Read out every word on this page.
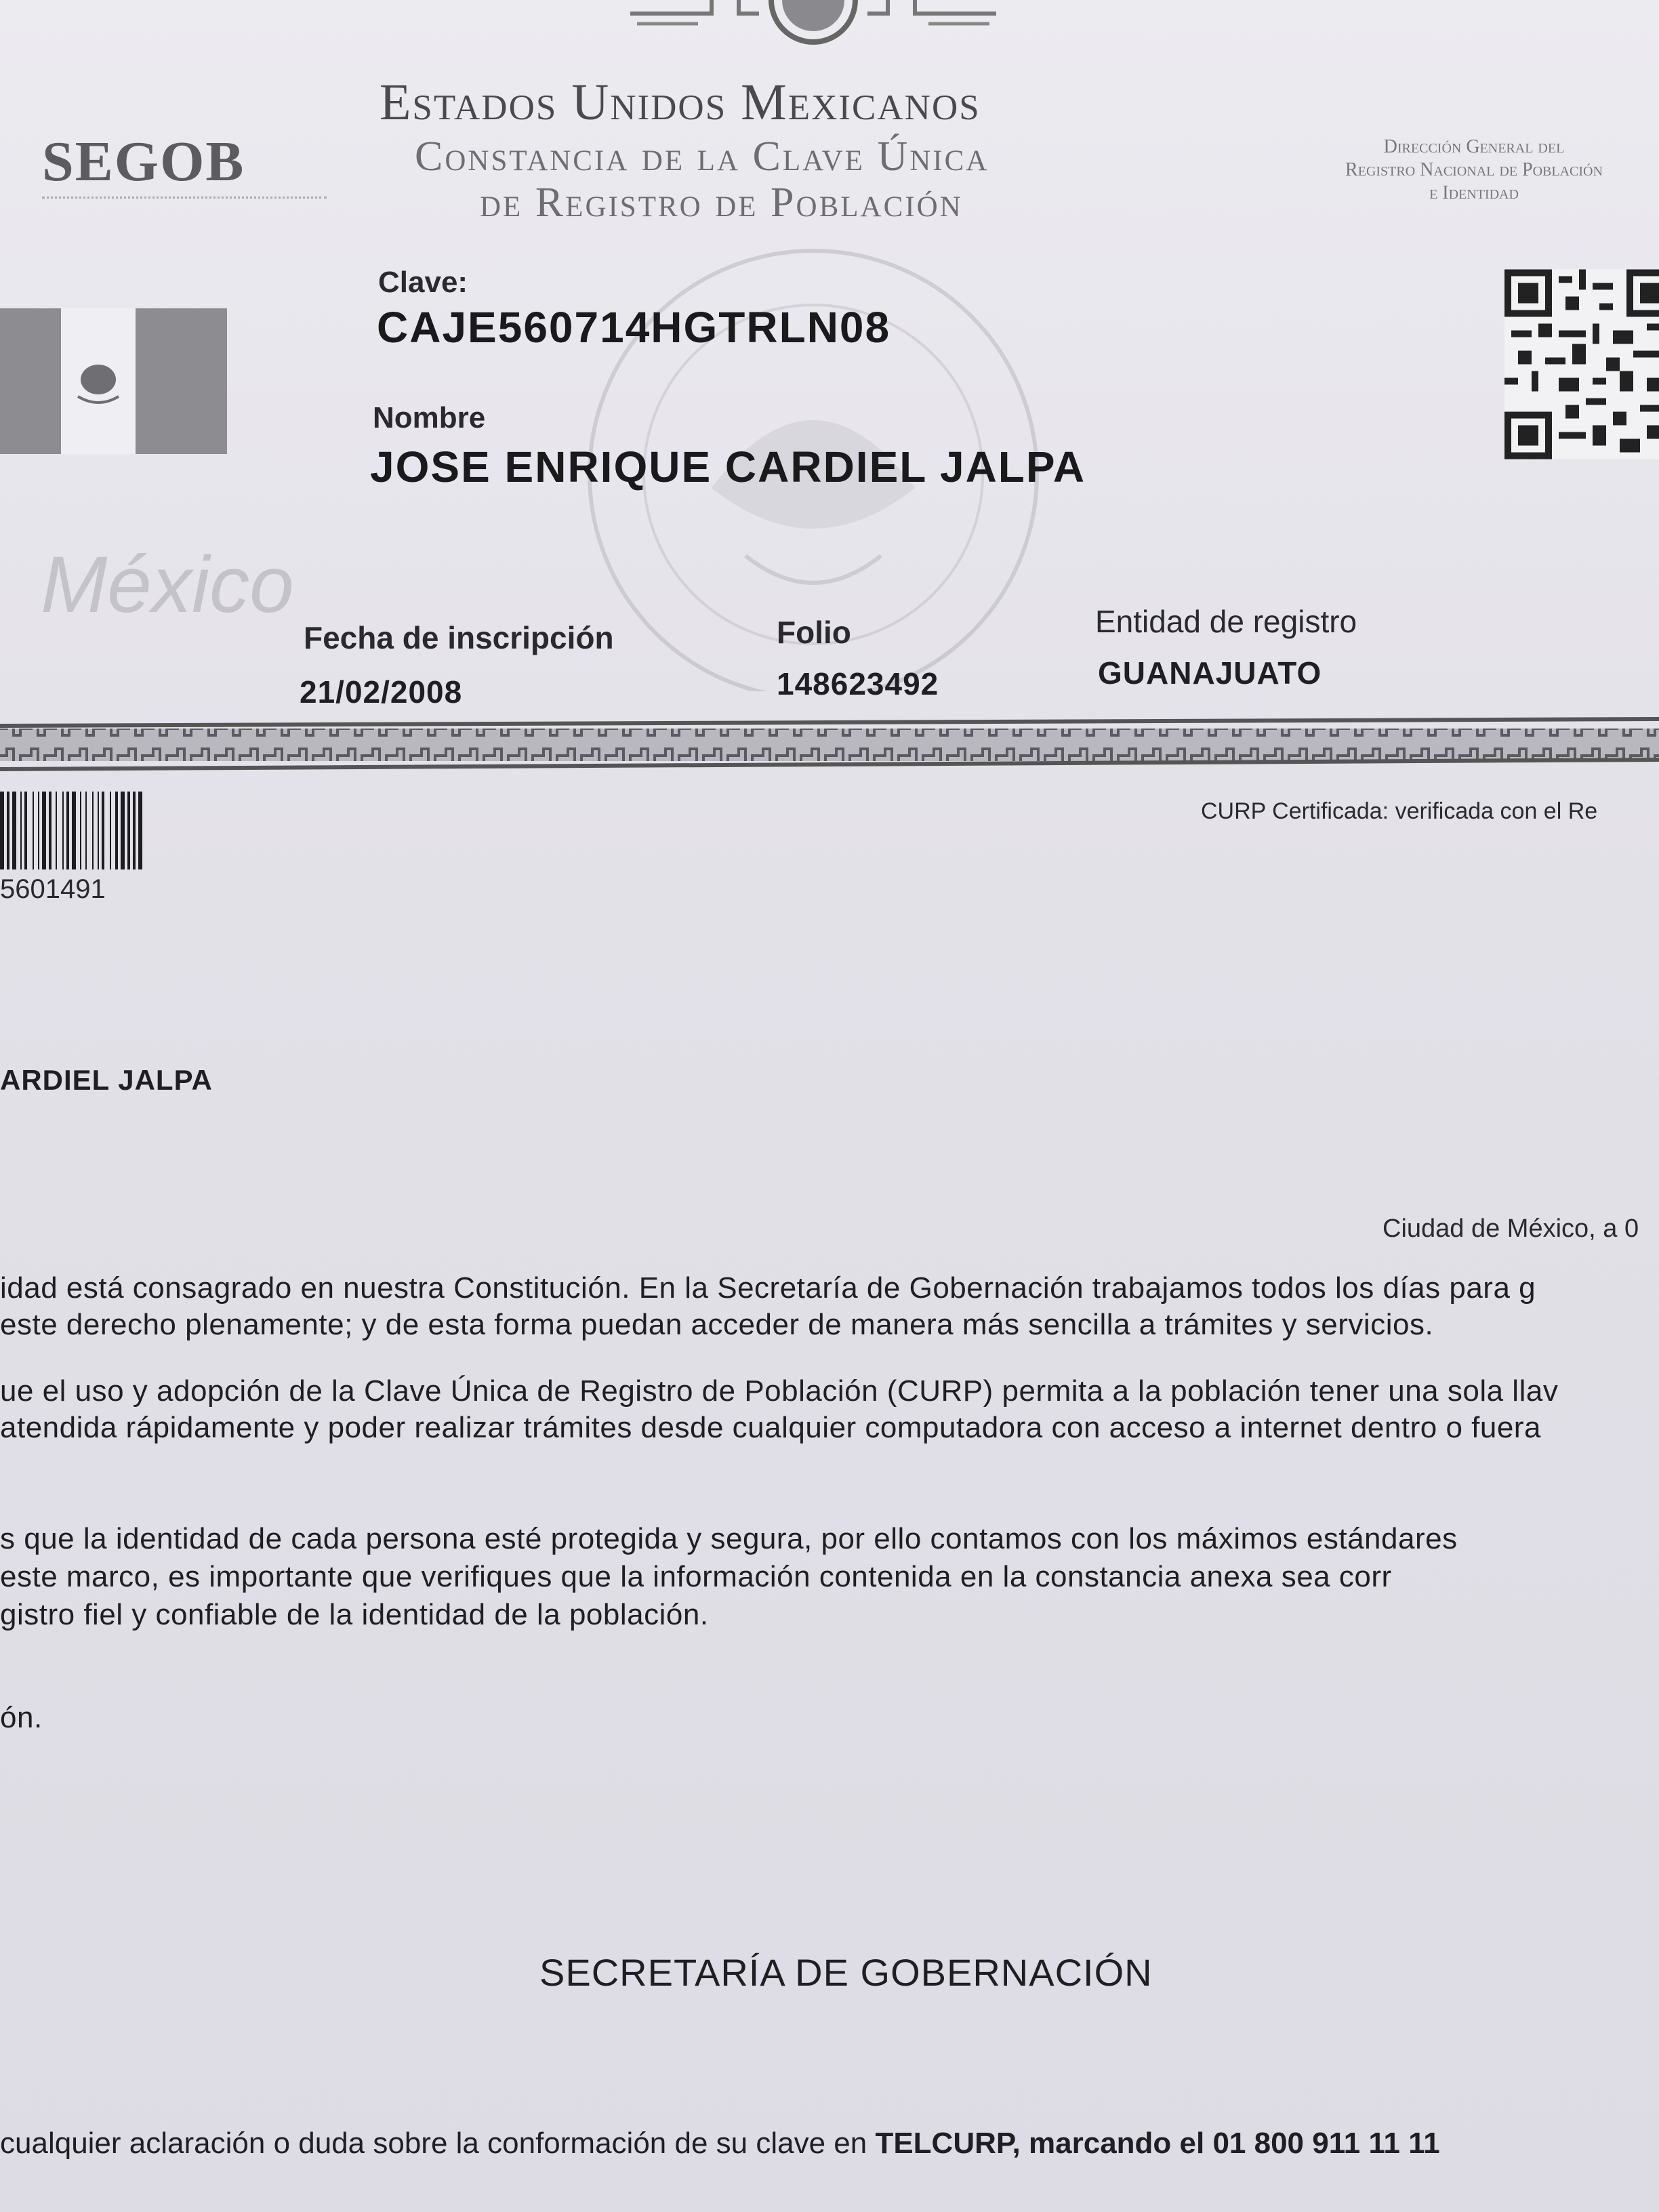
Estados Unidos Mexicanos
Constancia de la Clave Única
de Registro de Población
SEGOB	Dirección General del
Registro Nacional de Población
e Identidad
México
Clave:
CAJE560714HGTRLN08
Nombre
JOSE ENRIQUE CARDIEL JALPA
Fecha de inscripción
21/02/2008
Folio
148623492
Entidad de registro
GUANAJUATO
5601491
CURP Certificada: verificada con el Re
ARDIEL JALPA
Ciudad de México, a 0
idad está consagrado en nuestra Constitución. En la Secretaría de Gobernación trabajamos todos los días para g
este derecho plenamente; y de esta forma puedan acceder de manera más sencilla a trámites y servicios.
ue el uso y adopción de la Clave Única de Registro de Población (CURP) permita a la población tener una sola llav
atendida rápidamente y poder realizar trámites desde cualquier computadora con acceso a internet dentro o fuera
s que la identidad de cada persona esté protegida y segura, por ello contamos con los máximos estándares
este marco, es importante que verifiques que la información contenida en la constancia anexa sea corr
gistro fiel y confiable de la identidad de la población.
ón.
SECRETARÍA DE GOBERNACIÓN
cualquier aclaración o duda sobre la conformación de su clave en TELCURP, marcando el 01 800 911 11 11
